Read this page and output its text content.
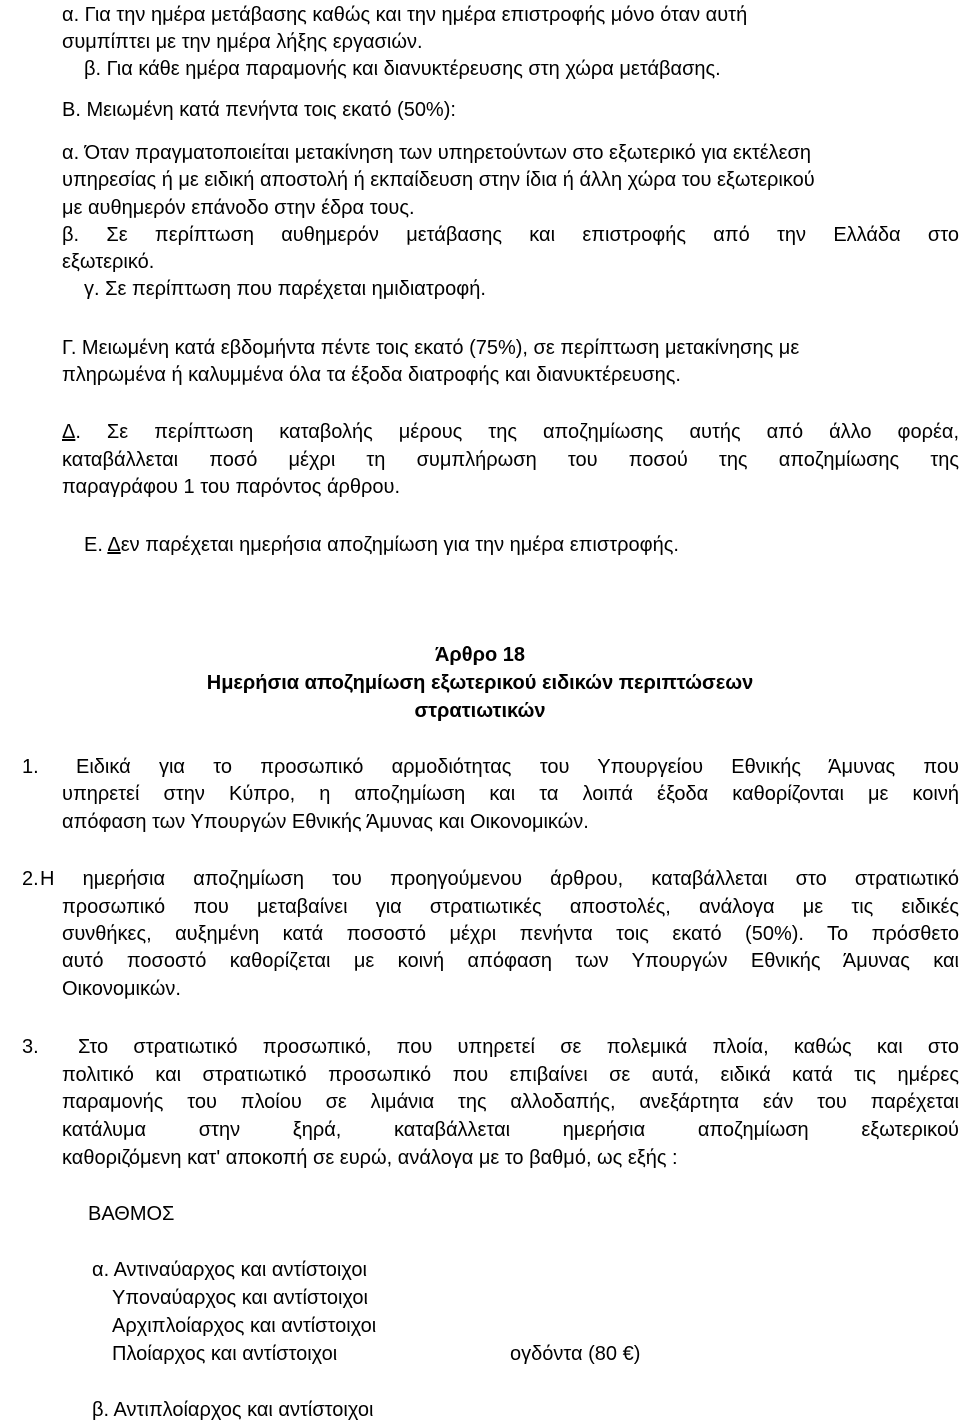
α. Για την ημέρα μετάβασης καθώς και την ημέρα επιστροφής μόνο όταν αυτή
συμπίπτει με την ημέρα λήξης εργασιών.
β. Για κάθε ημέρα παραμονής και διανυκτέρευσης στη χώρα μετάβασης.
Β. Μειωμένη κατά πενήντα τοις εκατό (50%):
α. Όταν πραγματοποιείται μετακίνηση των υπηρετούντων στο εξωτερικό για εκτέλεση
υπηρεσίας ή με ειδική αποστολή ή εκπαίδευση στην ίδια ή άλλη χώρα του εξωτερικού
με αυθημερόν επάνοδο στην έδρα τους.
β. Σε περίπτωση αυθημερόν μετάβασης και επιστροφής από την Ελλάδα στο
εξωτερικό.
γ. Σε περίπτωση που παρέχεται ημιδιατροφή.
Γ. Μειωμένη κατά εβδομήντα πέντε τοις εκατό (75%), σε περίπτωση μετακίνησης με
πληρωμένα ή καλυμμένα όλα τα έξοδα διατροφής και διανυκτέρευσης.
Δ. Σε περίπτωση καταβολής μέρους της αποζημίωσης αυτής από άλλο φορέα,
καταβάλλεται ποσό μέχρι τη συμπλήρωση του ποσού της αποζημίωσης της
παραγράφου 1 του παρόντος άρθρου.
Ε. Δεν παρέχεται ημερήσια αποζημίωση για την ημέρα επιστροφής.
Άρθρο 18
Ημερήσια αποζημίωση εξωτερικού ειδικών περιπτώσεων
στρατιωτικών
1. Ειδικά για το προσωπικό αρμοδιότητας του Υπουργείου Εθνικής Άμυνας που
υπηρετεί στην Κύπρο, η αποζημίωση και τα λοιπά έξοδα καθορίζονται με κοινή
απόφαση των Υπουργών Εθνικής Άμυνας και Οικονομικών.
2. Η ημερήσια αποζημίωση του προηγούμενου άρθρου, καταβάλλεται στο στρατιωτικό
προσωπικό που μεταβαίνει για στρατιωτικές αποστολές, ανάλογα με τις ειδικές
συνθήκες, αυξημένη κατά ποσοστό μέχρι πενήντα τοις εκατό (50%). Το πρόσθετο
αυτό ποσοστό καθορίζεται με κοινή απόφαση των Υπουργών Εθνικής Άμυνας και
Οικονομικών.
3. Στο στρατιωτικό προσωπικό, που υπηρετεί σε πολεμικά πλοία, καθώς και στο
πολιτικό και στρατιωτικό προσωπικό που επιβαίνει σε αυτά, ειδικά κατά τις ημέρες
παραμονής του πλοίου σε λιμάνια της αλλοδαπής, ανεξάρτητα εάν του παρέχεται
κατάλυμα στην ξηρά, καταβάλλεται ημερήσια αποζημίωση εξωτερικού
καθοριζόμενη κατ' αποκοπή σε ευρώ, ανάλογα με το βαθμό, ως εξής :
ΒΑΘΜΟΣ
α. Αντιναύαρχος και αντίστοιχοι
Υποναύαρχος και αντίστοιχοι
Αρχιπλοίαρχος και αντίστοιχοι
Πλοίαρχος και αντίστοιχοι	ογδόντα (80 €)
β. Αντιπλοίαρχος και αντίστοιχοι
